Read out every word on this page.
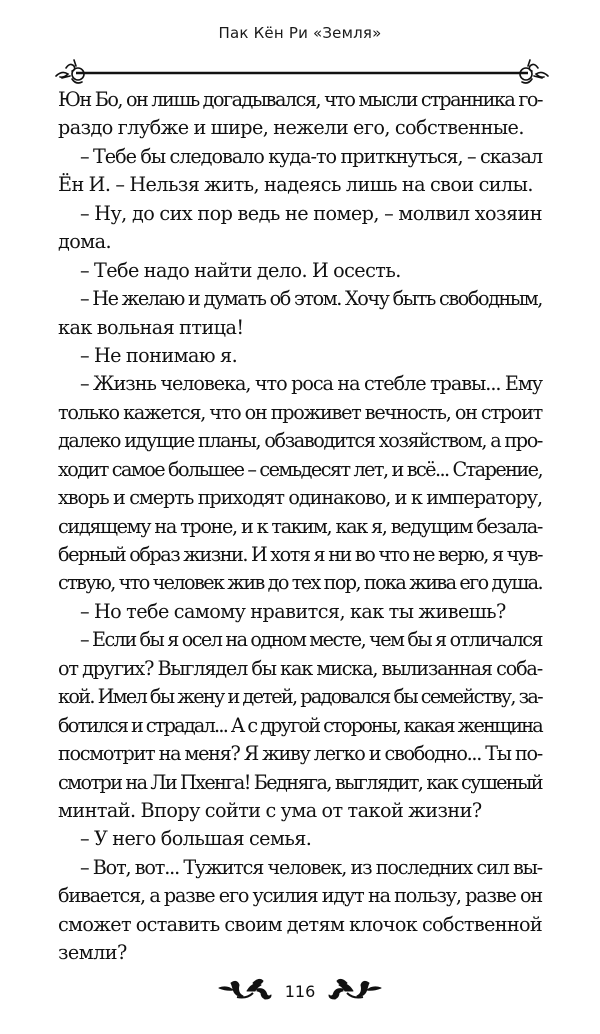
Пак Кён Ри «Земля»
Юн Бо, он лишь догадывался, что мысли странника го-
раздо глубже и шире, нежели его, собственные.
– Тебе бы следовало куда-то приткнуться, – сказал
Ён И. – Нельзя жить, надеясь лишь на свои силы.
– Ну, до сих пор ведь не помер, – молвил хозяин
дома.
– Тебе надо найти дело. И осесть.
– Не желаю и думать об этом. Хочу быть свободным,
как вольная птица!
– Не понимаю я.
– Жизнь человека, что роса на стебле травы... Ему
только кажется, что он проживет вечность, он строит
далеко идущие планы, обзаводится хозяйством, а про-
ходит самое большее – семьдесят лет, и всё... Старение,
хворь и смерть приходят одинаково, и к императору,
сидящему на троне, и к таким, как я, ведущим безала-
берный образ жизни. И хотя я ни во что не верю, я чув-
ствую, что человек жив до тех пор, пока жива его душа.
– Но тебе самому нравится, как ты живешь?
– Если бы я осел на одном месте, чем бы я отличался
от других? Выглядел бы как миска, вылизанная соба-
кой. Имел бы жену и детей, радовался бы семейству, за-
ботился и страдал... А с другой стороны, какая женщина
посмотрит на меня? Я живу легко и свободно... Ты по-
смотри на Ли Пхенга! Бедняга, выглядит, как сушеный
минтай. Впору сойти с ума от такой жизни?
– У него большая семья.
– Вот, вот... Тужится человек, из последних сил вы-
бивается, а разве его усилия идут на пользу, разве он
сможет оставить своим детям клочок собственной
земли?
116
